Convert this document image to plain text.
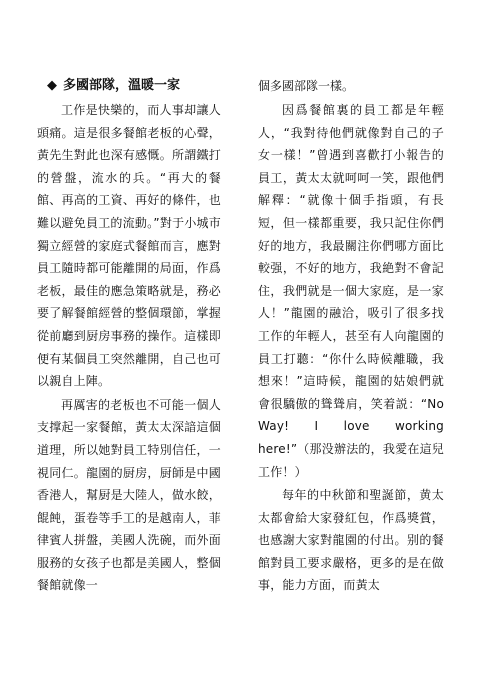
◆ 多國部隊，溫暖一家

工作是快樂的，而人事却讓人頭痛。這是很多餐館老板的心聲，黃先生對此也深有感慨。所謂鐵打的營盤，流水的兵。“再大的餐館、再高的工資、再好的條件，也難以避免員工的流動。”對于小城市獨立經營的家庭式餐館而言，應對員工隨時都可能離開的局面，作爲老板，最佳的應急策略就是，務必要了解餐館經營的整個環節，掌握從前廳到厨房事務的操作。這樣即便有某個員工突然離開，自己也可以親自上陣。

再厲害的老板也不可能一個人支撑起一家餐館，黃太太深諳這個道理，所以她對員工特別信任，一視同仁。龍園的厨房，厨師是中國香港人，幫厨是大陸人，做水餃，餛飩，蛋卷等手工的是越南人，菲律賓人拼盤，美國人洗碗，而外面服務的女孩子也都是美國人，整個餐館就像一

個多國部隊一樣。

因爲餐館裏的員工都是年輕人，“我對待他們就像對自己的子女一樣！”曾遇到喜歡打小報告的員工，黃太太就呵呵一笑，跟他們解釋：“就像十個手指頭，有長短，但一樣都重要，我只記住你們好的地方，我最關注你們哪方面比較强，不好的地方，我絶對不會記住，我們就是一個大家庭，是一家人！”龍園的融洽，吸引了很多找工作的年輕人，甚至有人向龍園的員工打聽：“你什么時候離職，我想來！”這時候，龍園的姑娘們就會很驕傲的聳聳肩，笑着説：“No Way! I love working here!”（那没辦法的，我愛在這兒工作！）

每年的中秋節和聖誕節，黄太太都會給大家發紅包，作爲獎賞，也感謝大家對龍園的付出。别的餐館對員工要求嚴格，更多的是在做事，能力方面，而黃太
